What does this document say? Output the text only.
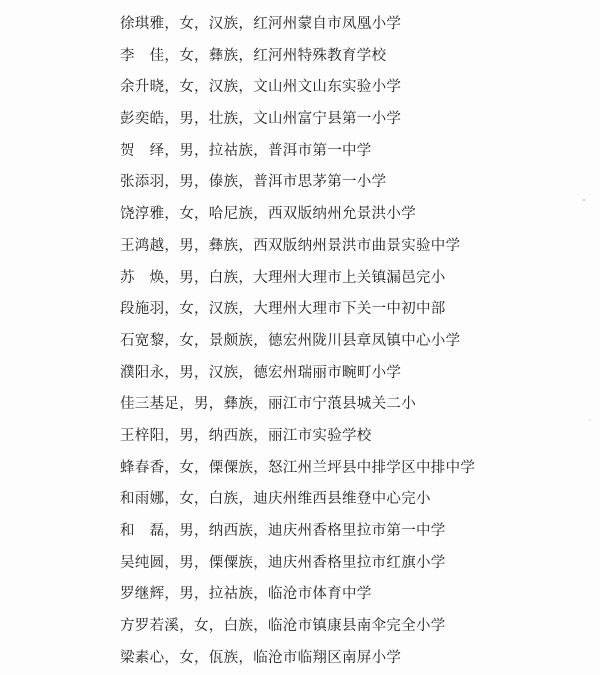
徐琪雅，女，汉族，红河州蒙自市凤凰小学
李　佳，女，彝族，红河州特殊教育学校
余升晓，女，汉族，文山州文山东实验小学
彭奕皓，男，壮族，文山州富宁县第一小学
贺　绎，男，拉祜族，普洱市第一中学
张添羽，男，傣族，普洱市思茅第一小学
饶淳雅，女，哈尼族，西双版纳州允景洪小学
王鸿越，男，彝族，西双版纳州景洪市曲景实验中学
苏　焕，男，白族，大理州大理市上关镇漏邑完小
段施羽，女，汉族，大理州大理市下关一中初中部
石宽黎，女，景颇族，德宏州陇川县章凤镇中心小学
濮阳永，男，汉族，德宏州瑞丽市畹町小学
佳三基足，男，彝族，丽江市宁蒗县城关二小
王梓阳，男，纳西族，丽江市实验学校
蜂春香，女，傈僳族，怒江州兰坪县中排学区中排中学
和雨娜，女，白族，迪庆州维西县维登中心完小
和　磊，男，纳西族，迪庆州香格里拉市第一中学
吴纯圆，男，傈僳族，迪庆州香格里拉市红旗小学
罗继辉，男，拉祜族，临沧市体育中学
方罗若溪，女，白族，临沧市镇康县南伞完全小学
梁素心，女，佤族，临沧市临翔区南屏小学
